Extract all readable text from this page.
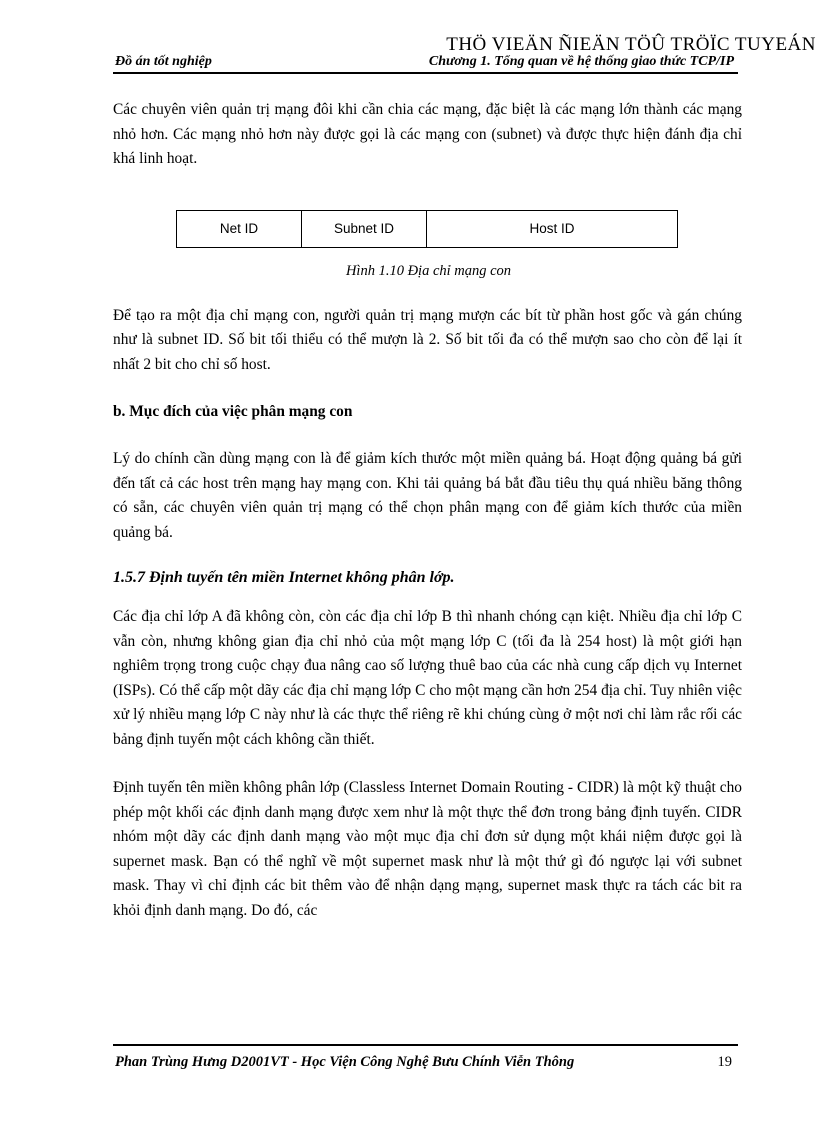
THÖ VIEÄN ÑIEÄN TÖÛ TRÖÏC TUYEÁN
Đồ án tốt nghiệp	Chương 1. Tổng quan về hệ thống giao thức TCP/IP

Các chuyên viên quản trị mạng đôi khi cần chia các mạng, đặc biệt là các mạng lớn thành các mạng nhỏ hơn. Các mạng nhỏ hơn này được gọi là các mạng con (subnet) và được thực hiện đánh địa chỉ khá linh hoạt.

Net ID	Subnet ID	Host ID
Hình 1.10 Địa chỉ mạng con

Để tạo ra một địa chỉ mạng con, người quản trị mạng mượn các bít từ phần host gốc và gán chúng như là subnet ID. Số bit tối thiểu có thể mượn là 2. Số bit tối đa có thể mượn sao cho còn để lại ít nhất 2 bit cho chỉ số host.

b. Mục đích của việc phân mạng con

Lý do chính cần dùng mạng con là để giảm kích thước một miền quảng bá. Hoạt động quảng bá gửi đến tất cả các host trên mạng hay mạng con. Khi tải quảng bá bắt đầu tiêu thụ quá nhiều băng thông có sẵn, các chuyên viên quản trị mạng có thể chọn phân mạng con để giảm kích thước của miền quảng bá.

1.5.7 Định tuyến tên miền Internet không phân lớp.

Các địa chỉ lớp A đã không còn, còn các địa chỉ lớp B thì nhanh chóng cạn kiệt. Nhiều địa chỉ lớp C vẫn còn, nhưng không gian địa chỉ nhỏ của một mạng lớp C (tối đa là 254 host) là một giới hạn nghiêm trọng trong cuộc chạy đua nâng cao số lượng thuê bao của các nhà cung cấp dịch vụ Internet (ISPs). Có thể cấp một dãy các địa chỉ mạng lớp C cho một mạng cần hơn 254 địa chỉ. Tuy nhiên việc xử lý nhiều mạng lớp C này như là các thực thể riêng rẽ khi chúng cùng ở một nơi chỉ làm rắc rối các bảng định tuyến một cách không cần thiết.

Định tuyến tên miền không phân lớp (Classless Internet Domain Routing - CIDR) là một kỹ thuật cho phép một khối các định danh mạng được xem như là một thực thể đơn trong bảng định tuyến. CIDR nhóm một dãy các định danh mạng vào một mục địa chỉ đơn sử dụng một khái niệm được gọi là supernet mask. Bạn có thể nghĩ về một supernet mask như là một thứ gì đó ngược lại với subnet mask. Thay vì chỉ định các bit thêm vào để nhận dạng mạng, supernet mask thực ra tách các bit ra khỏi định danh mạng. Do đó, các

Phan Trùng Hưng D2001VT - Học Viện Công Nghệ Bưu Chính Viễn Thông	19
